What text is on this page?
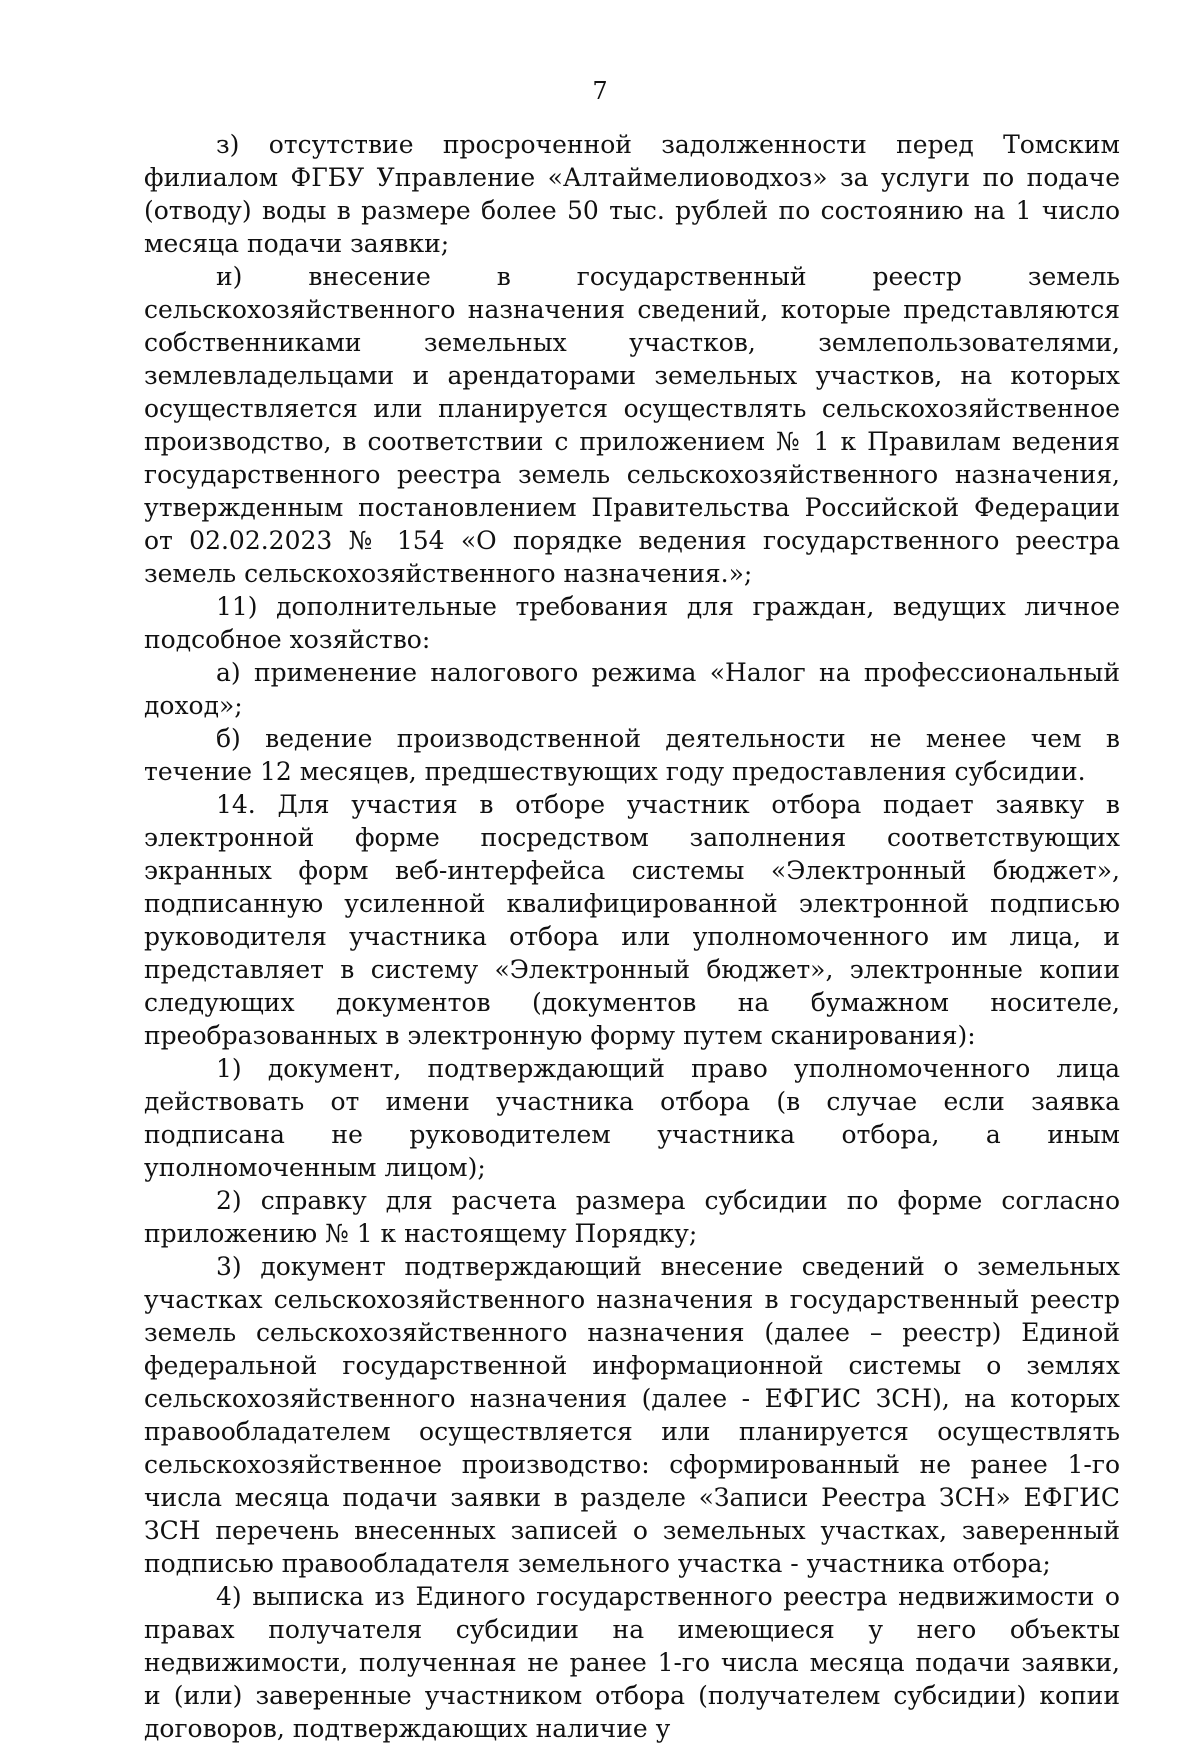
7

з) отсутствие просроченной задолженности перед Томским филиалом ФГБУ Управление «Алтаймелиоводхоз» за услуги по подаче (отводу) воды в размере более 50 тыс. рублей по состоянию на 1 число месяца подачи заявки;

и) внесение в государственный реестр земель сельскохозяйственного назначения сведений, которые представляются собственниками земельных участков, землепользователями, землевладельцами и арендаторами земельных участков, на которых осуществляется или планируется осуществлять сельскохозяйственное производство, в соответствии с приложением № 1 к Правилам ведения государственного реестра земель сельскохозяйственного назначения, утвержденным постановлением Правительства Российской Федерации от 02.02.2023 № 154 «О порядке ведения государственного реестра земель сельскохозяйственного назначения.»;

11) дополнительные требования для граждан, ведущих личное подсобное хозяйство:

а) применение налогового режима «Налог на профессиональный доход»;

б) ведение производственной деятельности не менее чем в течение 12 месяцев, предшествующих году предоставления субсидии.

14. Для участия в отборе участник отбора подает заявку в электронной форме посредством заполнения соответствующих экранных форм веб-интерфейса системы «Электронный бюджет», подписанную усиленной квалифицированной электронной подписью руководителя участника отбора или уполномоченного им лица, и представляет в систему «Электронный бюджет», электронные копии следующих документов (документов на бумажном носителе, преобразованных в электронную форму путем сканирования):

1) документ, подтверждающий право уполномоченного лица действовать от имени участника отбора (в случае если заявка подписана не руководителем участника отбора, а иным уполномоченным лицом);

2) справку для расчета размера субсидии по форме согласно приложению № 1 к настоящему Порядку;

3) документ подтверждающий внесение сведений о земельных участках сельскохозяйственного назначения в государственный реестр земель сельскохозяйственного назначения (далее – реестр) Единой федеральной государственной информационной системы о землях сельскохозяйственного назначения (далее - ЕФГИС ЗСН), на которых правообладателем осуществляется или планируется осуществлять сельскохозяйственное производство: сформированный не ранее 1-го числа месяца подачи заявки в разделе «Записи Реестра ЗСН» ЕФГИС ЗСН перечень внесенных записей о земельных участках, заверенный подписью правообладателя земельного участка - участника отбора;

4) выписка из Единого государственного реестра недвижимости о правах получателя субсидии на имеющиеся у него объекты недвижимости, полученная не ранее 1-го числа месяца подачи заявки, и (или) заверенные участником отбора (получателем субсидии) копии договоров, подтверждающих наличие у
